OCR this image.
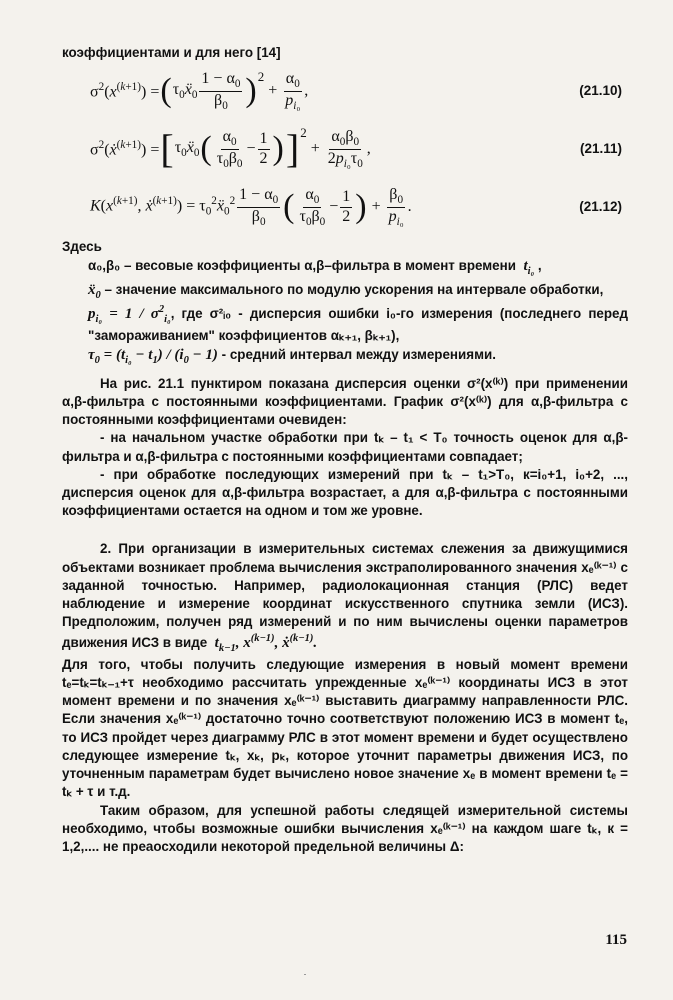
коэффициентами и для него [14]

$\sigma^2(x^{(k+1)})$ = ( $\tau_0ẍ_0 \frac{1 - \alpha_0}{\beta_0} )^2$
+ $\frac{\alpha_0}{p_{i_0}}$ ,	(21.10)
$\sigma^2(ẋ^{(k+1)})$ = [ $\tau_0ẍ_0$ ( $\frac{\alpha_0}{\tau_0\beta_0} - \frac{1}{2}$ ) ]$^2$
+ $\frac{\alpha_0\beta_0}{2p_{i_0}\tau_0}$ ,	(21.11)
$K(x^{(k+1)}$, ẋ$^{(k+1)}$) = $\tau_0^2ẍ_0^2 \frac{1 - \alpha_0}{\beta_0}$ ( $\frac{\alpha_0}{\tau_0\beta_0} - \frac{1}{2}$ ) + $\frac{\beta_0}{p_{i_0}}$ .	(21.12)

Здесь

α₀,β₀ – весовые коэффициенты α,β–фильтра в момент времени  $t_{i_0}$ ,

ẍ$_0$ – значение максимального по модулю ускорения на интервале обработки,

$p_{i_0} = 1 / \sigma^2_{i_0}$, где σ²ᵢ₀ - дисперсия ошибки i₀-го измерения (последнего перед "замораживанием" коэффициентов αₖ₊₁, βₖ₊₁),

$\tau_0 = (t_{i_0} - t_1) / (i_0 - 1)$ - средний интервал между измерениями.

На рис. 21.1 пунктиром показана дисперсия оценки σ²(x⁽ᵏ⁾) при применении α,β-фильтра с постоянными коэффициентами. График σ²(x⁽ᵏ⁾) для α,β-фильтра с постоянными коэффициентами очевиден:

- на начальном участке обработки при tₖ – t₁ < T₀ точность оценок для α,β-фильтра и α,β-фильтра с постоянными коэффициентами совпадает;

- при обработке последующих измерений при tₖ – t₁>T₀, к=i₀+1, i₀+2, ..., дисперсия оценок для α,β-фильтра возрастает, а для α,β-фильтра с постоянными коэффициентами остается на одном и том же уровне.

2. При организации в измерительных системах слежения за движущимися объектами возникает проблема вычисления экстраполированного значения xₑ⁽ᵏ⁻¹⁾ с заданной точностью. Например, радиолокационная станция (РЛС) ведет наблюдение и измерение координат искусственного спутника земли (ИСЗ). Предположим, получен ряд измерений и по ним вычислены оценки параметров движения ИСЗ в виде  $t_{k-1}$, $x^{(k-1)}$, ẋ$^{(k-1)}$.

Для того, чтобы получить следующие измерения в новый момент времени tₑ=tₖ=tₖ₋₁+τ необходимо рассчитать упрежденные xₑ⁽ᵏ⁻¹⁾ координаты ИСЗ в этот момент времени и по значения xₑ⁽ᵏ⁻¹⁾ выставить диаграмму направленности РЛС. Если значения xₑ⁽ᵏ⁻¹⁾ достаточно точно соответствуют положению ИСЗ в момент tₑ, то ИСЗ пройдет через диаграмму РЛС в этот момент времени и будет осуществлено следующее измерение tₖ, xₖ, pₖ, которое уточнит параметры движения ИСЗ, по уточненным параметрам будет вычислено новое значение xₑ в момент времени tₑ = tₖ + τ и т.д.

Таким образом, для успешной работы следящей измерительной системы необходимо, чтобы возможные ошибки вычисления xₑ⁽ᵏ⁻¹⁾ на каждом шаге tₖ, к = 1,2,.... не преаосходили некоторой предельной величины Δ:

115
